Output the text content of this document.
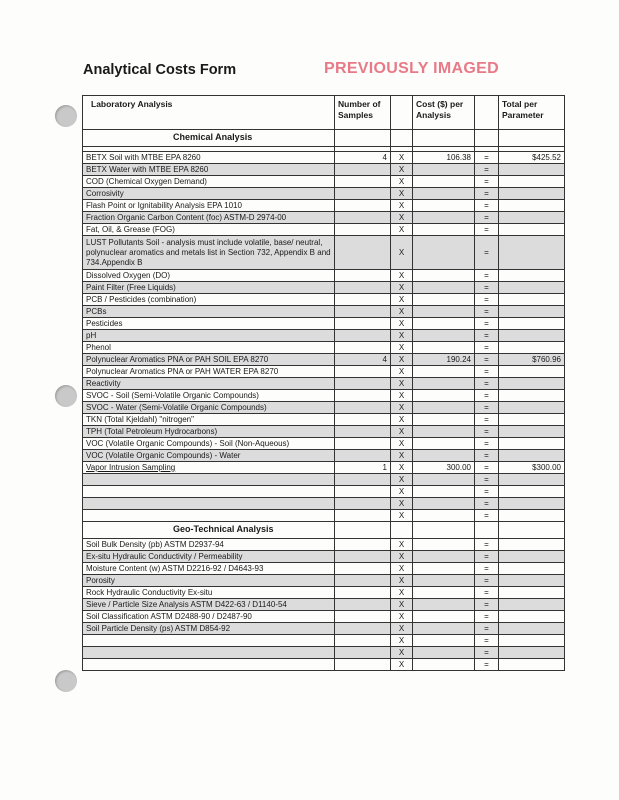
Analytical Costs Form	PREVIOUSLY IMAGED
Laboratory Analysis	Number of Samples		Cost ($) per Analysis		Total per Parameter
Chemical Analysis					

BETX Soil with MTBE EPA 8260	4	X	106.38	=	$425.52
BETX Water with MTBE EPA 8260		X		=	
COD (Chemical Oxygen Demand)		X		=	
Corrosivity		X		=	
Flash Point or Ignitability Analysis EPA 1010		X		=	
Fraction Organic Carbon Content (foc) ASTM-D 2974-00		X		=	
Fat, Oil, & Grease (FOG)		X		=	
LUST Pollutants Soil - analysis must include volatile, base/ neutral, polynuclear aromatics and metals list in Section 732, Appendix B and 734.Appendix B		X		=	
Dissolved Oxygen (DO)		X		=	
Paint Filter (Free Liquids)		X		=	
PCB / Pesticides (combination)		X		=	
PCBs		X		=	
Pesticides		X		=	
pH		X		=	
Phenol		X		=	
Polynuclear Aromatics PNA or PAH SOIL EPA 8270	4	X	190.24	=	$760.96
Polynuclear Aromatics PNA or PAH WATER EPA 8270		X		=	
Reactivity		X		=	
SVOC - Soil (Semi-Volatile Organic Compounds)		X		=	
SVOC - Water (Semi-Volatile Organic Compounds)		X		=	
TKN (Total Kjeldahl) "nitrogen"		X		=	
TPH (Total Petroleum Hydrocarbons)		X		=	
VOC (Volatile Organic Compounds) - Soil (Non-Aqueous)		X		=	
VOC (Volatile Organic Compounds) - Water		X		=	
Vapor Intrusion Sampling	1	X	300.00	=	$300.00
		X		=	
		X		=	
		X		=	
		X		=	
Geo-Technical Analysis					
Soil Bulk Density (pb) ASTM D2937-94		X		=	
Ex-situ Hydraulic Conductivity / Permeability		X		=	
Moisture Content (w) ASTM D2216-92 / D4643-93		X		=	
Porosity		X		=	
Rock Hydraulic Conductivity Ex-situ		X		=	
Sieve / Particle Size Analysis ASTM D422-63 / D1140-54		X		=	
Soil Classification ASTM D2488-90 / D2487-90		X		=	
Soil Particle Density (ps) ASTM D854-92		X		=	
		X		=	
		X		=	
		X		=	
